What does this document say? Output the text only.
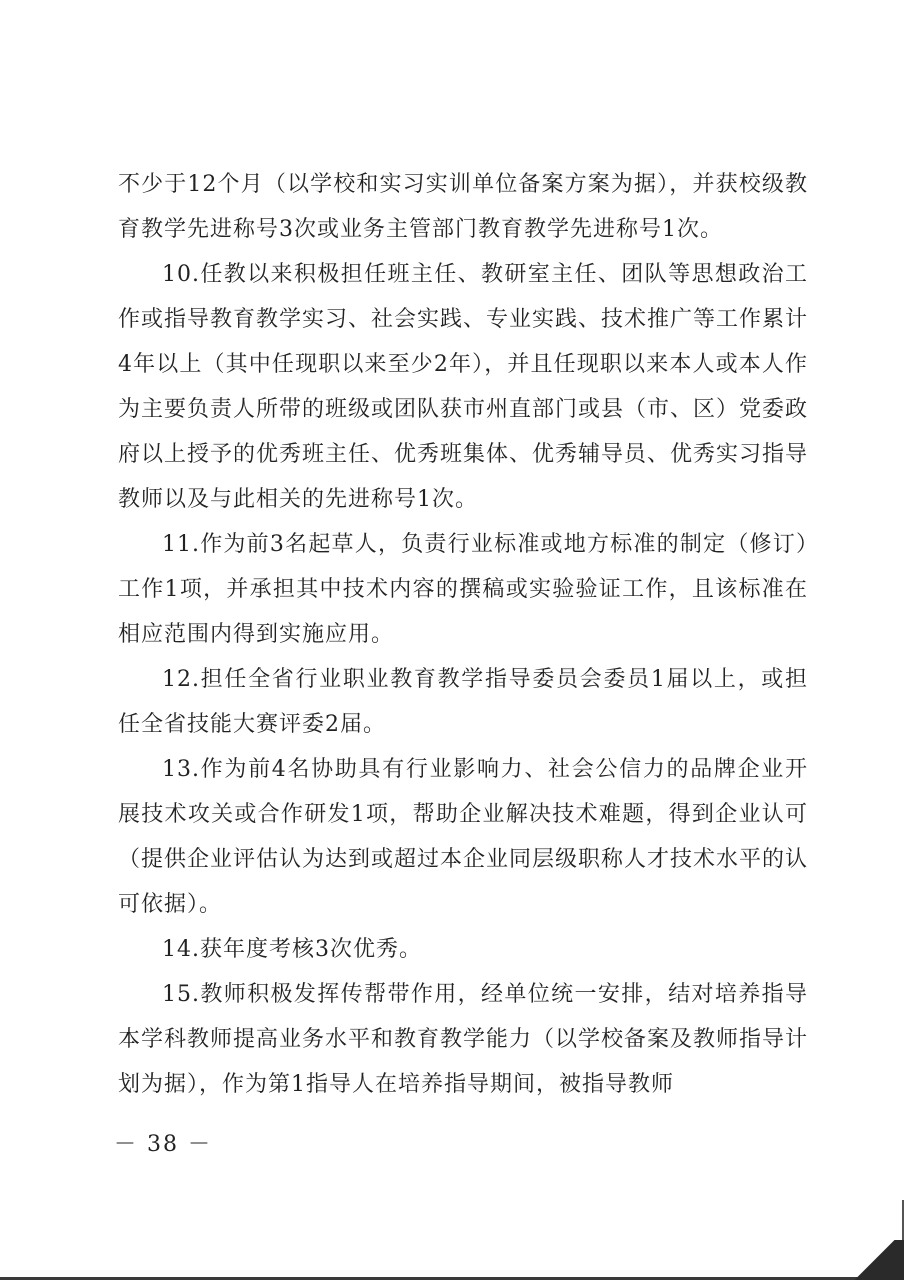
不少于12个月（以学校和实习实训单位备案方案为据），并获校级教育教学先进称号3次或业务主管部门教育教学先进称号1次。

10.任教以来积极担任班主任、教研室主任、团队等思想政治工作或指导教育教学实习、社会实践、专业实践、技术推广等工作累计4年以上（其中任现职以来至少2年），并且任现职以来本人或本人作为主要负责人所带的班级或团队获市州直部门或县（市、区）党委政府以上授予的优秀班主任、优秀班集体、优秀辅导员、优秀实习指导教师以及与此相关的先进称号1次。

11.作为前3名起草人，负责行业标准或地方标准的制定（修订）工作1项，并承担其中技术内容的撰稿或实验验证工作，且该标准在相应范围内得到实施应用。

12.担任全省行业职业教育教学指导委员会委员1届以上，或担任全省技能大赛评委2届。

13.作为前4名协助具有行业影响力、社会公信力的品牌企业开展技术攻关或合作研发1项，帮助企业解决技术难题，得到企业认可（提供企业评估认为达到或超过本企业同层级职称人才技术水平的认可依据）。

14.获年度考核3次优秀。

15.教师积极发挥传帮带作用，经单位统一安排，结对培养指导本学科教师提高业务水平和教育教学能力（以学校备案及教师指导计划为据），作为第1指导人在培养指导期间，被指导教师

－ 38 －
